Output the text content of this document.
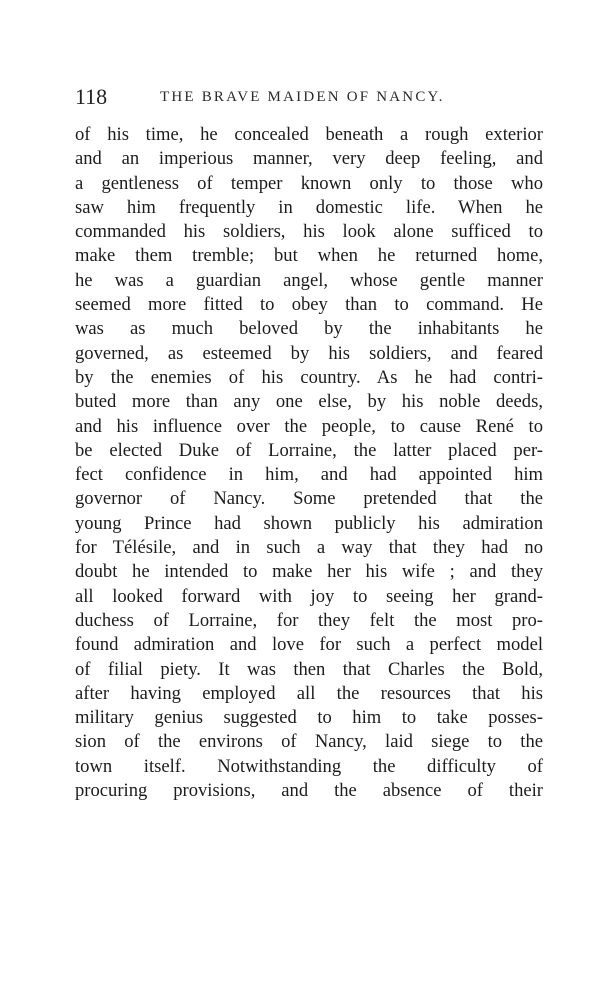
118	THE BRAVE MAIDEN OF NANCY.
of his time, he concealed beneath a rough exterior
and an imperious manner, very deep feeling, and
a gentleness of temper known only to those who
saw him frequently in domestic life. When he
commanded his soldiers, his look alone sufficed to
make them tremble; but when he returned home,
he was a guardian angel, whose gentle manner
seemed more fitted to obey than to command. He
was as much beloved by the inhabitants he
governed, as esteemed by his soldiers, and feared
by the enemies of his country. As he had contri-
buted more than any one else, by his noble deeds,
and his influence over the people, to cause René to
be elected Duke of Lorraine, the latter placed per-
fect confidence in him, and had appointed him
governor of Nancy. Some pretended that the
young Prince had shown publicly his admiration
for Télésile, and in such a way that they had no
doubt he intended to make her his wife ; and they
all looked forward with joy to seeing her grand-
duchess of Lorraine, for they felt the most pro-
found admiration and love for such a perfect model
of filial piety. It was then that Charles the Bold,
after having employed all the resources that his
military genius suggested to him to take posses-
sion of the environs of Nancy, laid siege to the
town itself. Notwithstanding the difficulty of
procuring provisions, and the absence of their
